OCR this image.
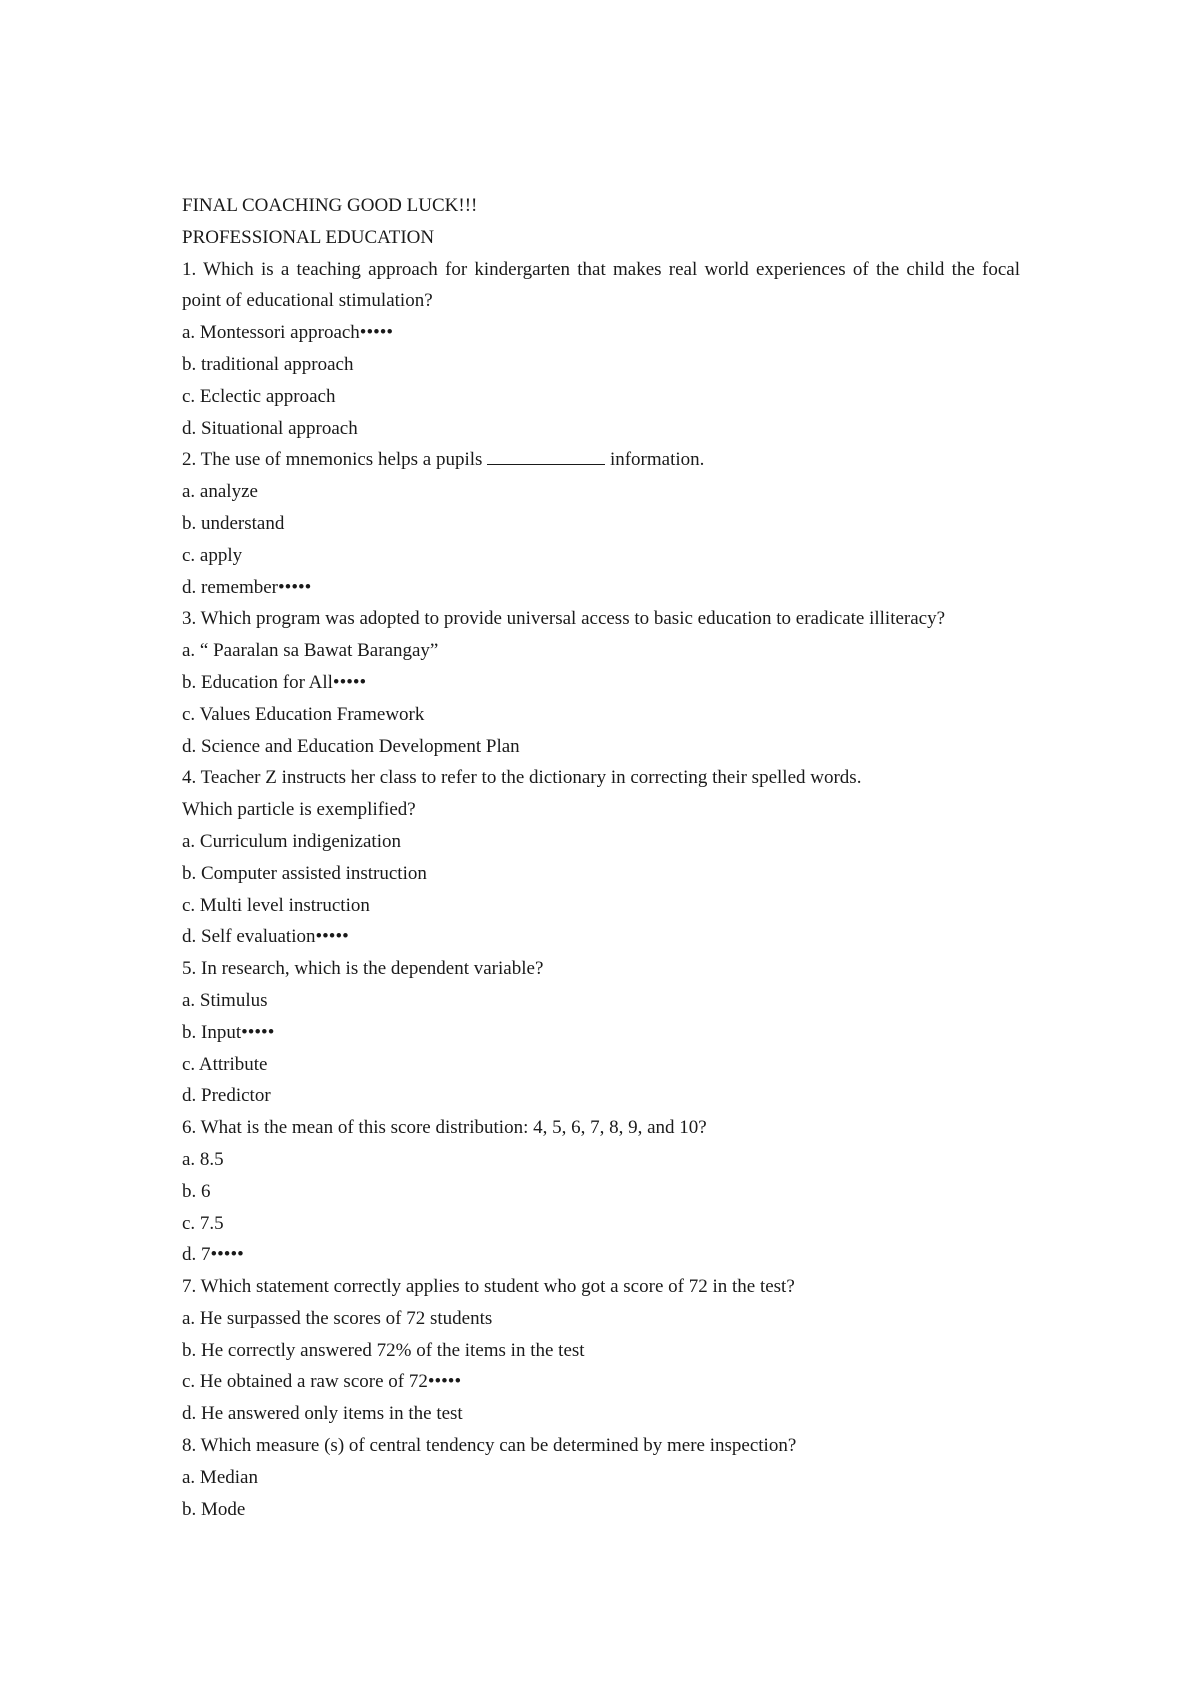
FINAL COACHING GOOD LUCK!!!
PROFESSIONAL EDUCATION
1. Which is a teaching approach for kindergarten that makes real world experiences of the child the focal point of educational stimulation?
a. Montessori approach•••••
b. traditional approach
c. Eclectic approach
d. Situational approach
2. The use of mnemonics helps a pupils	information.
a. analyze
b. understand
c. apply
d. remember•••••
3. Which program was adopted to provide universal access to basic education to eradicate illiteracy?
a. “ Paaralan sa Bawat Barangay”
b. Education for All•••••
c. Values Education Framework
d. Science and Education Development Plan
4. Teacher Z instructs her class to refer to the dictionary in correcting their spelled words.
Which particle is exemplified?
a. Curriculum indigenization
b. Computer assisted instruction
c. Multi level instruction
d. Self evaluation•••••
5. In research, which is the dependent variable?
a. Stimulus
b. Input•••••
c. Attribute
d. Predictor
6. What is the mean of this score distribution: 4, 5, 6, 7, 8, 9, and 10?
a. 8.5
b. 6
c. 7.5
d. 7•••••
7. Which statement correctly applies to student who got a score of 72 in the test?
a. He surpassed the scores of 72 students
b. He correctly answered 72% of the items in the test
c. He obtained a raw score of 72•••••
d. He answered only items in the test
8. Which measure (s) of central tendency can be determined by mere inspection?
a. Median
b. Mode
